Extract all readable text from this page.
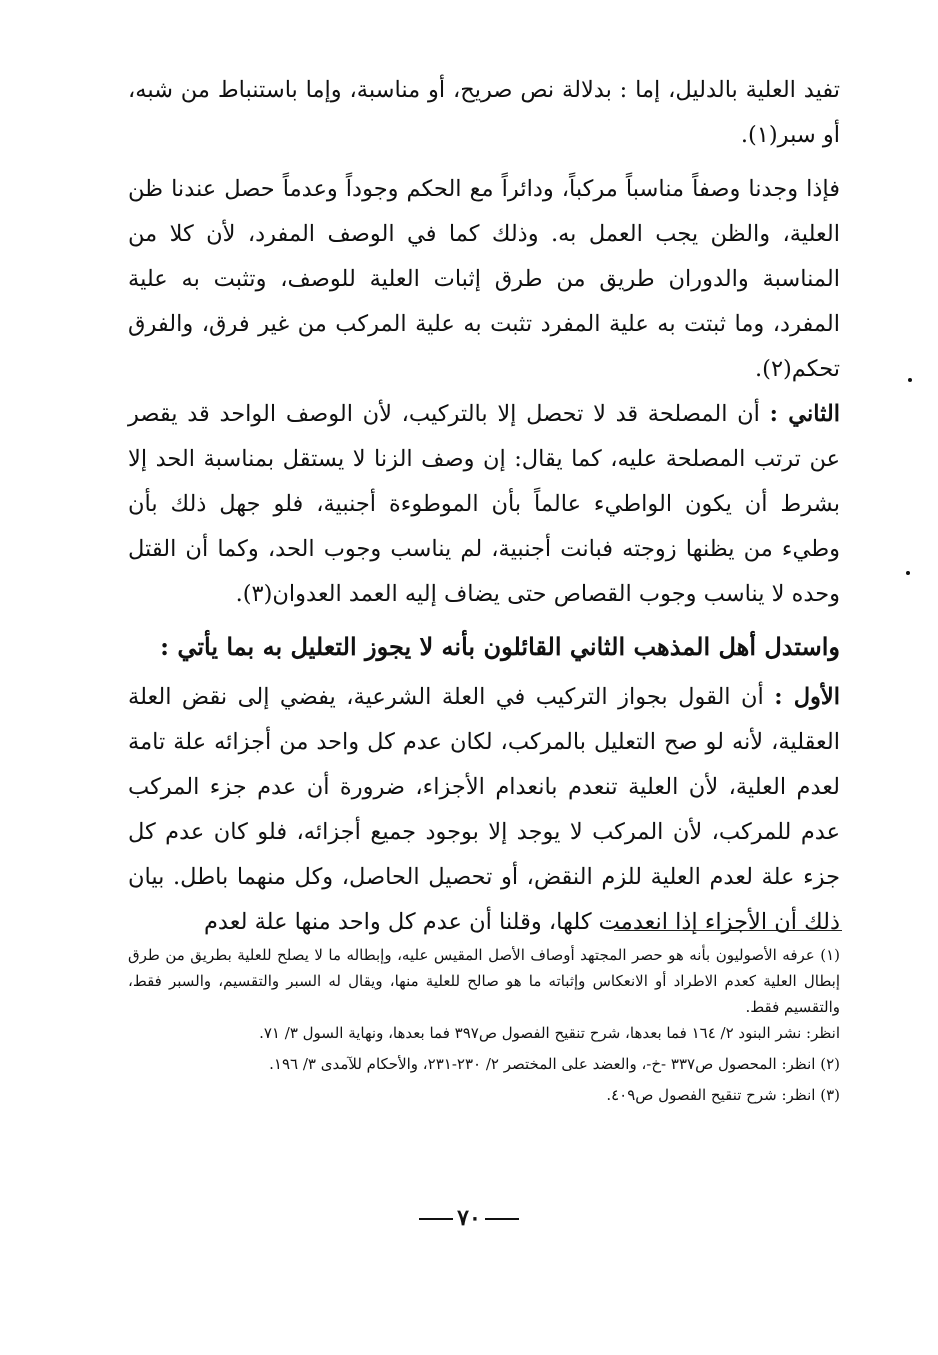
تفيد العلية بالدليل، إما : بدلالة نص صريح، أو مناسبة، وإما باستنباط من شبه، أو سبر(١).

فإذا وجدنا وصفاً مناسباً مركباً، ودائراً مع الحكم وجوداً وعدماً حصل عندنا ظن العلية، والظن يجب العمل به. وذلك كما في الوصف المفرد، لأن كلا من المناسبة والدوران طريق من طرق إثبات العلية للوصف، وتثبت به علية المفرد، وما ثبتت به علية المفرد تثبت به علية المركب من غير فرق، والفرق تحكم(٢).

الثاني : أن المصلحة قد لا تحصل إلا بالتركيب، لأن الوصف الواحد قد يقصر عن ترتب المصلحة عليه، كما يقال: إن وصف الزنا لا يستقل بمناسبة الحد إلا بشرط أن يكون الواطيء عالماً بأن الموطوءة أجنبية، فلو جهل ذلك بأن وطيء من يظنها زوجته فبانت أجنبية، لم يناسب وجوب الحد، وكما أن القتل وحده لا يناسب وجوب القصاص حتى يضاف إليه العمد العدوان(٣).

واستدل أهل المذهب الثاني القائلون بأنه لا يجوز التعليل به بما يأتي :

الأول : أن القول بجواز التركيب في العلة الشرعية، يفضي إلى نقض العلة العقلية، لأنه لو صح التعليل بالمركب، لكان عدم كل واحد من أجزائه علة تامة لعدم العلية، لأن العلية تنعدم بانعدام الأجزاء، ضرورة أن عدم جزء المركب عدم للمركب، لأن المركب لا يوجد إلا بوجود جميع أجزائه، فلو كان عدم كل جزء علة لعدم العلية للزم النقض، أو تحصيل الحاصل، وكل منهما باطل. بيان ذلك أن الأجزاء إذا انعدمت كلها، وقلنا أن عدم كل واحد منها علة لعدم

(١) عرفه الأصوليون بأنه هو حصر المجتهد أوصاف الأصل المقيس عليه، وإبطاله ما لا يصلح للعلية بطريق من طرق إبطال العلية كعدم الاطراد أو الانعكاس وإثباته ما هو صالح للعلية منها، ويقال له السبر والتقسيم، والسبر فقط، والتقسيم فقط.

انظر: نشر البنود ٢/ ١٦٤ فما بعدها، شرح تنقيح الفصول ص٣٩٧ فما بعدها، ونهاية السول ٣/ ٧١.

(٢) انظر: المحصول ص٣٣٧ -خ-، والعضد على المختصر ٢/ ٢٣٠-٢٣١، والأحكام للآمدى ٣/ ١٩٦.

(٣) انظر: شرح تنقيح الفصول ص٤٠٩.

٧٠
